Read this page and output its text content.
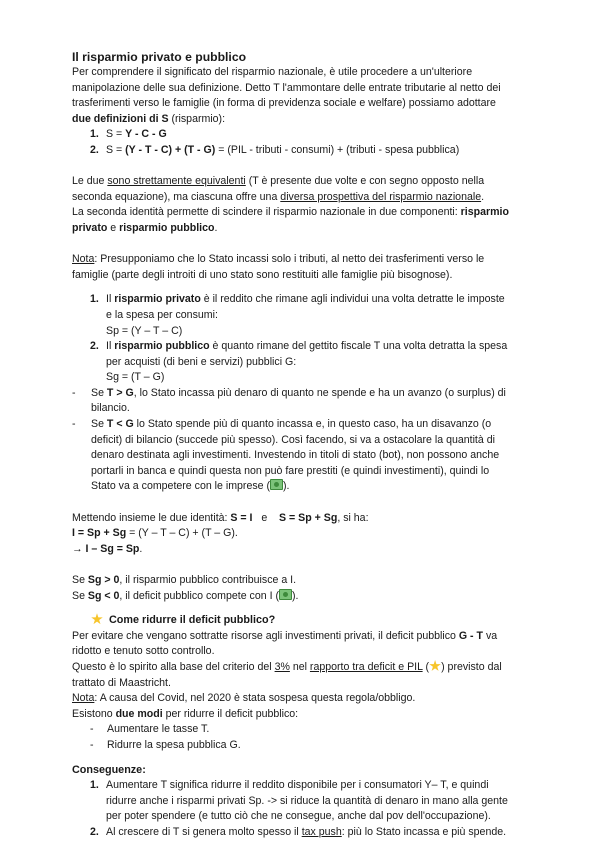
Il risparmio privato e pubblico

Per comprendere il significato del risparmio nazionale, è utile procedere a un'ulteriore

manipolazione delle sua definizione. Detto T l'ammontare delle entrate tributarie al netto dei

trasferimenti verso le famiglie (in forma di previdenza sociale e welfare) possiamo adottare

due definizioni di S (risparmio):

1. S = Y - C - G
2. S = (Y - T - C) + (T - G) = (PIL - tributi - consumi) + (tributi - spesa pubblica)

Le due sono strettamente equivalenti (T è presente due volte e con segno opposto nella

seconda equazione), ma ciascuna offre una diversa prospettiva del risparmio nazionale.

La seconda identità permette di scindere il risparmio nazionale in due componenti: risparmio

privato e risparmio pubblico.

Nota: Presupponiamo che lo Stato incassi solo i tributi, al netto dei trasferimenti verso le

famiglie (parte degli introiti di uno stato sono restituiti alle famiglie più bisognose).

1. Il risparmio privato è il reddito che rimane agli individui una volta detratte le imposte
e la spesa per consumi:
Sp = (Y – T – C)
2. Il risparmio pubblico è quanto rimane del gettito fiscale T una volta detratta la spesa
per acquisti (di beni e servizi) pubblici G:
Sg = (T – G)
- Se T > G, lo Stato incassa più denaro di quanto ne spende e ha un avanzo (o surplus) di
bilancio.
- Se T < G lo Stato spende più di quanto incassa e, in questo caso, ha un disavanzo (o
deficit) di bilancio (succede più spesso). Così facendo, si va a ostacolare la quantità di
denaro destinata agli investimenti. Investendo in titoli di stato (bot), non possono anche
portarli in banca e quindi questa non può fare prestiti (e quindi investimenti), quindi lo
Stato va a competere con le imprese ( ).

Mettendo insieme le due identità: S = I   e    S = Sp + Sg, si ha:

I = Sp + Sg = (Y – T – C) + (T – G).

→ I – Sg = Sp.

Se Sg > 0, il risparmio pubblico contribuisce a I.

Se Sg < 0, il deficit pubblico compete con I ( ).

Come ridurre il deficit pubblico?

Per evitare che vengano sottratte risorse agli investimenti privati, il deficit pubblico G - T va

ridotto e tenuto sotto controllo.

Questo è lo spirito alla base del criterio del 3% nel rapporto tra deficit e PIL ( ) previsto dal

trattato di Maastricht.

Nota: A causa del Covid, nel 2020 è stata sospesa questa regola/obbligo.

Esistono due modi per ridurre il deficit pubblico:

- Aumentare le tasse T.
- Ridurre la spesa pubblica G.
Conseguenze:
1. Aumentare T significa ridurre il reddito disponibile per i consumatori Y– T, e quindi
ridurre anche i risparmi privati Sp. -> si riduce la quantità di denaro in mano alla gente
per poter spendere (e tutto ciò che ne consegue, anche dal pov dell'occupazione).
2. Al crescere di T si genera molto spesso il tax push: più lo Stato incassa e più spende.
